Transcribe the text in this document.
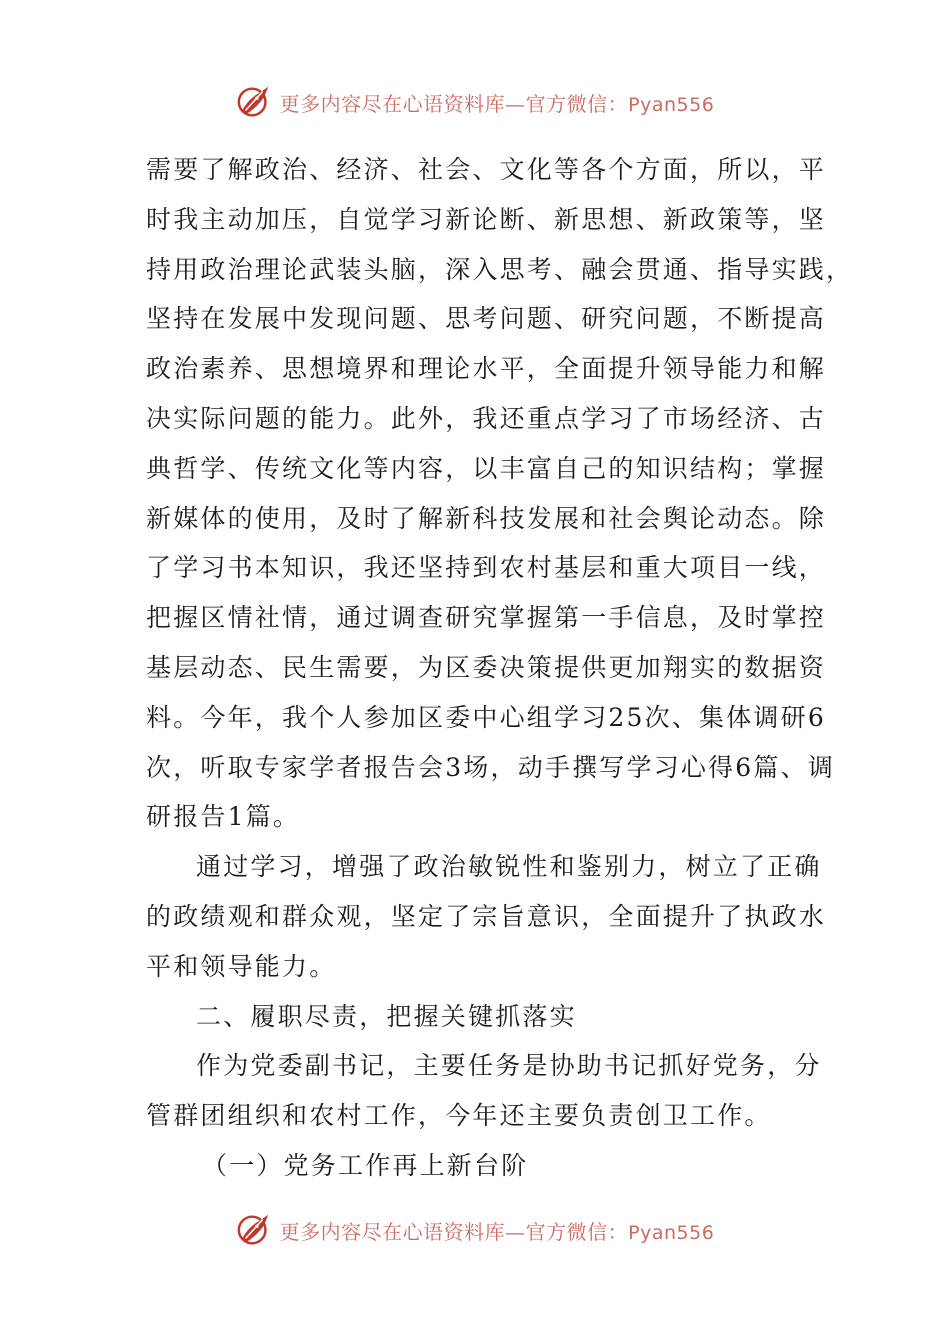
更多内容尽在心语资料库—官方微信：Pyan556
需要了解政治、经济、社会、文化等各个方面，所以，平
时我主动加压，自觉学习新论断、新思想、新政策等，坚
持用政治理论武装头脑，深入思考、融会贯通、指导实践，
坚持在发展中发现问题、思考问题、研究问题，不断提高
政治素养、思想境界和理论水平，全面提升领导能力和解
决实际问题的能力。此外，我还重点学习了市场经济、古
典哲学、传统文化等内容，以丰富自己的知识结构；掌握
新媒体的使用，及时了解新科技发展和社会舆论动态。除
了学习书本知识，我还坚持到农村基层和重大项目一线，
把握区情社情，通过调查研究掌握第一手信息，及时掌控
基层动态、民生需要，为区委决策提供更加翔实的数据资
料。今年，我个人参加区委中心组学习25次、集体调研6
次，听取专家学者报告会3场，动手撰写学习心得6篇、调
研报告1篇。
通过学习，增强了政治敏锐性和鉴别力，树立了正确
的政绩观和群众观，坚定了宗旨意识，全面提升了执政水
平和领导能力。
二、履职尽责，把握关键抓落实
作为党委副书记，主要任务是协助书记抓好党务，分
管群团组织和农村工作，今年还主要负责创卫工作。
（一）党务工作再上新台阶
更多内容尽在心语资料库—官方微信：Pyan556
